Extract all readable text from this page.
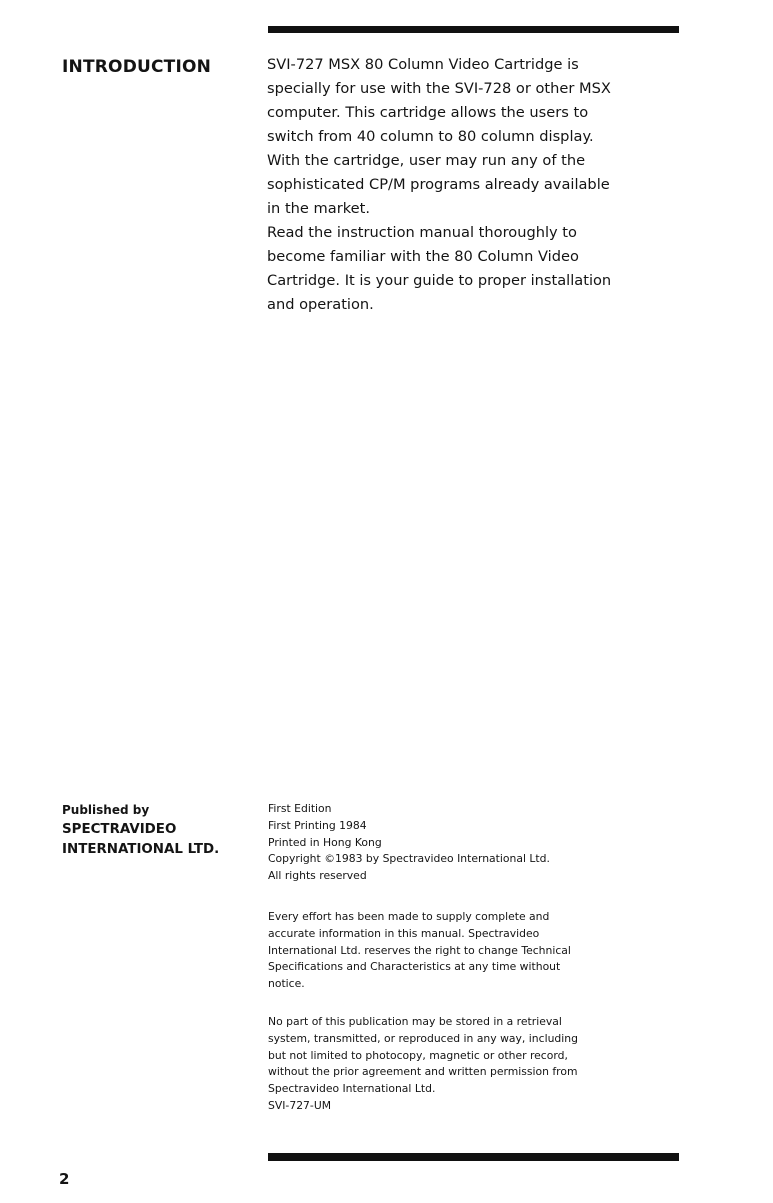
INTRODUCTION	SVI-727 MSX 80 Column Video Cartridge is
specially for use with the SVI-728 or other MSX
computer. This cartridge allows the users to
switch from 40 column to 80 column display.
With the cartridge, user may run any of the
sophisticated CP/M programs already available
in the market.

Read the instruction manual thoroughly to
become familiar with the 80 Column Video
Cartridge. It is your guide to proper installation
and operation.

Published by
SPECTRAVIDEO
INTERNATIONAL LTD.
First Edition
First Printing 1984
Printed in Hong Kong
Copyright ©1983 by Spectravideo International Ltd.
All rights reserved
Every effort has been made to supply complete and
accurate information in this manual. Spectravideo
International Ltd. reserves the right to change Technical
Specifications and Characteristics at any time without
notice.
No part of this publication may be stored in a retrieval
system, transmitted, or reproduced in any way, including
but not limited to photocopy, magnetic or other record,
without the prior agreement and written permission from
Spectravideo International Ltd.
SVI-727-UM
2
